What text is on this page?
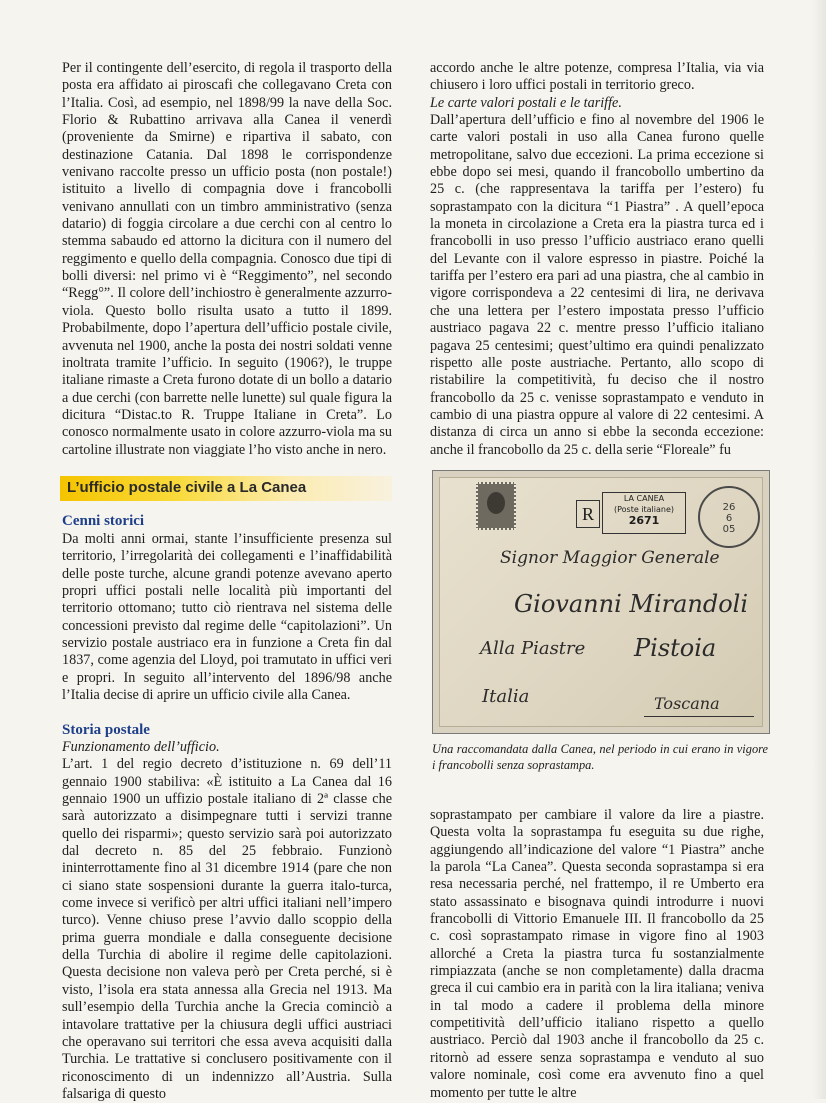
Per il contingente dell’esercito, di regola il trasporto della posta era affidato ai piroscafi che collegavano Creta con l’Italia. Così, ad esempio, nel 1898/99 la nave della Soc. Florio & Rubattino arrivava alla Canea il venerdì (proveniente da Smirne) e ripartiva il sabato, con destinazione Catania. Dal 1898 le corrispondenze venivano raccolte presso un ufficio posta (non postale!) istituito a livello di compagnia dove i francobolli venivano annullati con un timbro amministrativo (senza datario) di foggia circolare a due cerchi con al centro lo stemma sabaudo ed attorno la dicitura con il numero del reggimento e quello della compagnia. Conosco due tipi di bolli diversi: nel primo vi è “Reggimento”, nel secondo “Regg°”. Il colore dell’inchiostro è generalmente azzurro-viola. Questo bollo risulta usato a tutto il 1899. Probabilmente, dopo l’apertura dell’ufficio postale civile, avvenuta nel 1900, anche la posta dei nostri soldati venne inoltrata tramite l’ufficio. In seguito (1906?), le truppe italiane rimaste a Creta furono dotate di un bollo a datario a due cerchi (con barrette nelle lunette) sul quale figura la dicitura “Distac.to R. Truppe Italiane in Creta”. Lo conosco normalmente usato in colore azzurro-viola ma su cartoline illustrate non viaggiate l’ho visto anche in nero.

L’ufficio postale civile a La Canea
Cenni storici

Da molti anni ormai, stante l’insufficiente presenza sul territorio, l’irregolarità dei collegamenti e l’inaffidabilità delle poste turche, alcune grandi potenze avevano aperto propri uffici postali nelle località più importanti del territorio ottomano; tutto ciò rientrava nel sistema delle concessioni previsto dal regime delle “capitolazioni”. Un servizio postale austriaco era in funzione a Creta fin dal 1837, come agenzia del Lloyd, poi tramutato in uffici veri e propri. In seguito all’intervento del 1896/98 anche l’Italia decise di aprire un ufficio civile alla Canea.

Storia postale

Funzionamento dell’ufficio.

L’art. 1 del regio decreto d’istituzione n. 69 dell’11 gennaio 1900 stabiliva: «È istituito a La Canea dal 16 gennaio 1900 un uffizio postale italiano di 2ª classe che sarà autorizzato a disimpegnare tutti i servizi tranne quello dei risparmi»; questo servizio sarà poi autorizzato dal decreto n. 85 del 25 febbraio. Funzionò ininterrottamente fino al 31 dicembre 1914 (pare che non ci siano state sospensioni durante la guerra italo-turca, come invece si verificò per altri uffici italiani nell’impero turco). Venne chiuso prese l’avvio dallo scoppio della prima guerra mondiale e dalla conseguente decisione della Turchia di abolire il regime delle capitolazioni. Questa decisione non valeva però per Creta perché, si è visto, l’isola era stata annessa alla Grecia nel 1913. Ma sull’esempio della Turchia anche la Grecia cominciò a intavolare trattative per la chiusura degli uffici austriaci che operavano sui territori che essa aveva acquisiti dalla Turchia. Le trattative si conclusero positivamente con il riconoscimento di un indennizzo all’Austria. Sulla falsariga di questo

accordo anche le altre potenze, compresa l’Italia, via via chiusero i loro uffici postali in territorio greco.

Le carte valori postali e le tariffe.

Dall’apertura dell’ufficio e fino al novembre del 1906 le carte valori postali in uso alla Canea furono quelle metropolitane, salvo due eccezioni. La prima eccezione si ebbe dopo sei mesi, quando il francobollo umbertino da 25 c. (che rappresentava la tariffa per l’estero) fu soprastampato con la dicitura “1 Piastra” . A quell’epoca la moneta in circolazione a Creta era la piastra turca ed i francobolli in uso presso l’ufficio austriaco erano quelli del Levante con il valore espresso in piastre. Poiché la tariffa per l’estero era pari ad una piastra, che al cambio in vigore corrispondeva a 22 centesimi di lira, ne derivava che una lettera per l’estero impostata presso l’ufficio austriaco pagava 22 c. mentre presso l’ufficio italiano pagava 25 centesimi; quest’ultimo era quindi penalizzato rispetto alle poste austriache. Pertanto, allo scopo di ristabilire la competitività, fu deciso che il nostro francobollo da 25 c. venisse soprastampato e venduto in cambio di una piastra oppure al valore di 22 centesimi. A distanza di circa un anno si ebbe la seconda eccezione: anche il francobollo da 25 c. della serie “Floreale” fu

R
LA CANEA
(Poste italiane)
2671
26
6
05
Signor Maggior Generale
Giovanni Mirandoli
Alla Piastre Pistoia
Italia	Toscana
Una raccomandata dalla Canea, nel periodo in cui erano in vigore i francobolli senza soprastampa.

soprastampato per cambiare il valore da lire a piastre. Questa volta la soprastampa fu eseguita su due righe, aggiungendo all’indicazione del valore “1 Piastra” anche la parola “La Canea”. Questa seconda soprastampa si era resa necessaria perché, nel frattempo, il re Umberto era stato assassinato e bisognava quindi introdurre i nuovi francobolli di Vittorio Emanuele III. Il francobollo da 25 c. così soprastampato rimase in vigore fino al 1903 allorché a Creta la piastra turca fu sostanzialmente rimpiazzata (anche se non completamente) dalla dracma greca il cui cambio era in parità con la lira italiana; veniva in tal modo a cadere il problema della minore competitività dell’ufficio italiano rispetto a quello austriaco. Perciò dal 1903 anche il francobollo da 25 c. ritornò ad essere senza soprastampa e venduto al suo valore nominale, così come era avvenuto fino a quel momento per tutte le altre
